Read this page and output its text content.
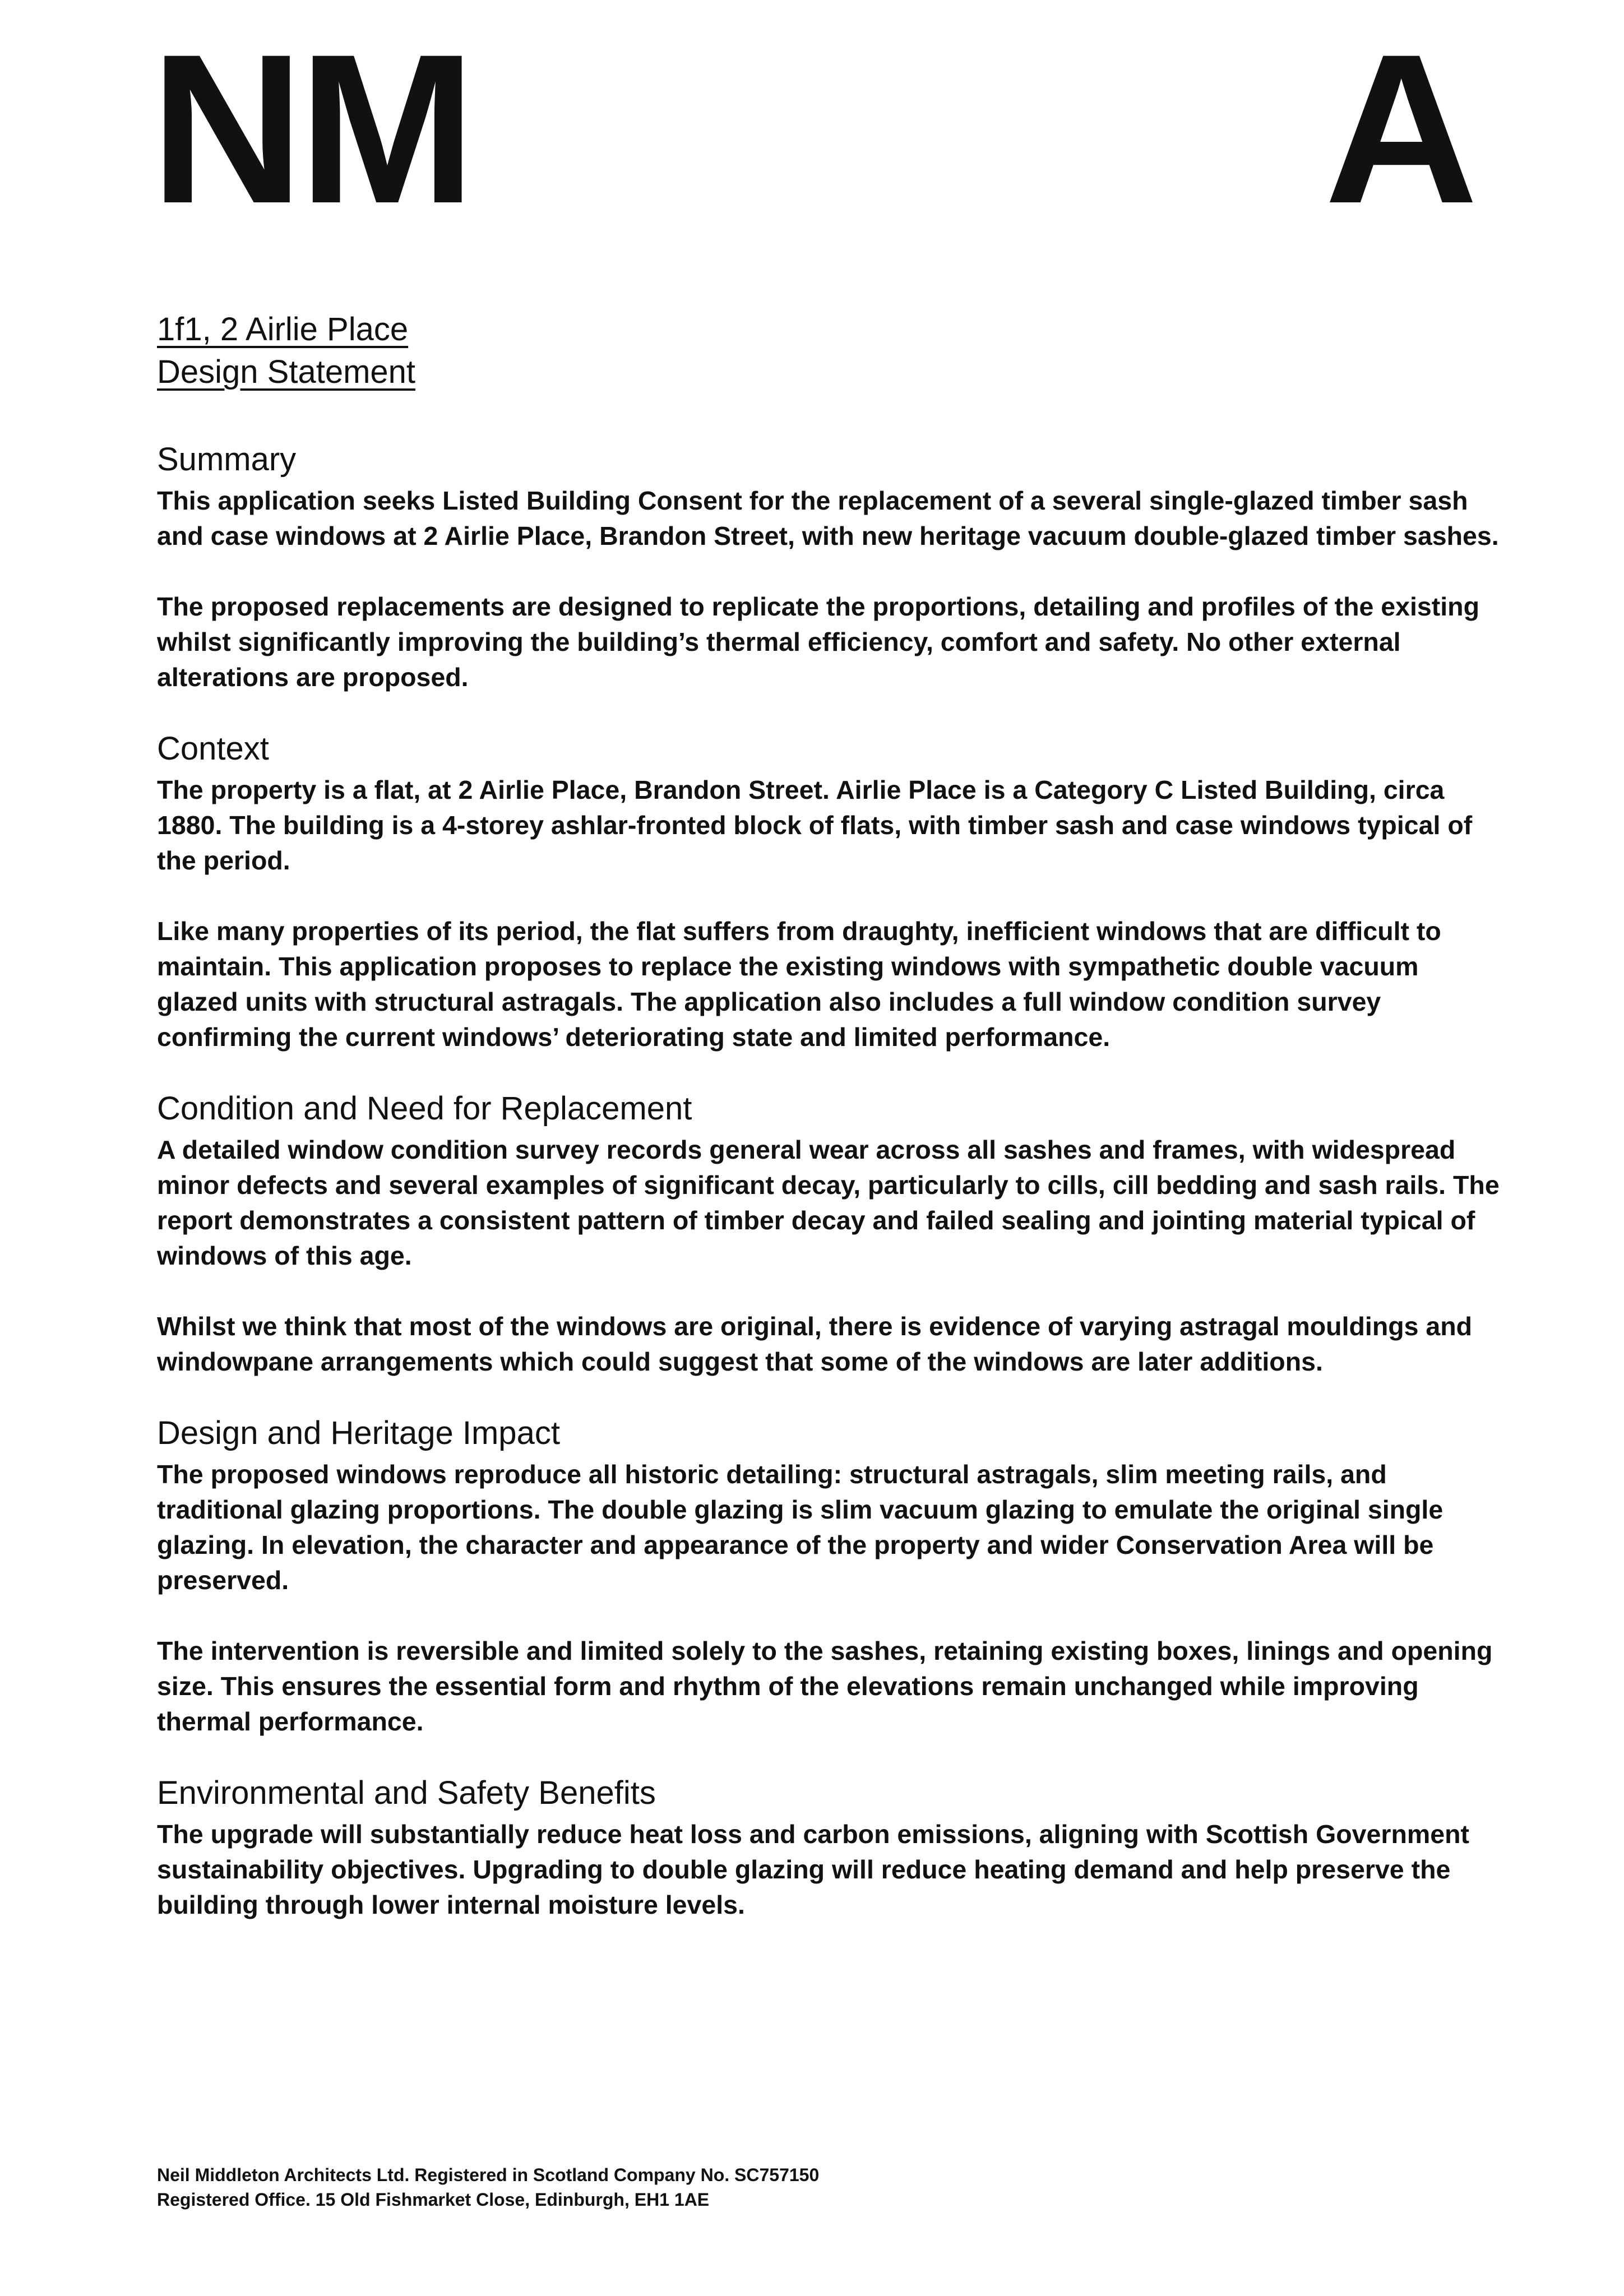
NM	A
1f1, 2 Airlie Place
Design Statement
Summary

This application seeks Listed Building Consent for the replacement of a several single-glazed timber sash and case windows at 2 Airlie Place, Brandon Street, with new heritage vacuum double-glazed timber sashes.

The proposed replacements are designed to replicate the proportions, detailing and profiles of the existing whilst significantly improving the building’s thermal efficiency, comfort and safety. No other external alterations are proposed.

Context

The property is a flat, at 2 Airlie Place, Brandon Street. Airlie Place is a Category C Listed Building, circa 1880. The building is a 4-storey ashlar-fronted block of flats, with timber sash and case windows typical of the period.

Like many properties of its period, the flat suffers from draughty, inefficient windows that are difficult to maintain. This application proposes to replace the existing windows with sympathetic double vacuum glazed units with structural astragals. The application also includes a full window condition survey confirming the current windows’ deteriorating state and limited performance.

Condition and Need for Replacement

A detailed window condition survey records general wear across all sashes and frames, with widespread minor defects and several examples of significant decay, particularly to cills, cill bedding and sash rails. The report demonstrates a consistent pattern of timber decay and failed sealing and jointing material typical of windows of this age.

Whilst we think that most of the windows are original, there is evidence of varying astragal mouldings and windowpane arrangements which could suggest that some of the windows are later additions.

Design and Heritage Impact

The proposed windows reproduce all historic detailing: structural astragals, slim meeting rails, and traditional glazing proportions. The double glazing is slim vacuum glazing to emulate the original single glazing. In elevation, the character and appearance of the property and wider Conservation Area will be preserved.

The intervention is reversible and limited solely to the sashes, retaining existing boxes, linings and opening size. This ensures the essential form and rhythm of the elevations remain unchanged while improving thermal performance.

Environmental and Safety Benefits

The upgrade will substantially reduce heat loss and carbon emissions, aligning with Scottish Government sustainability objectives. Upgrading to double glazing will reduce heating demand and help preserve the building through lower internal moisture levels.

Neil Middleton Architects Ltd. Registered in Scotland Company No. SC757150

Registered Office. 15 Old Fishmarket Close, Edinburgh, EH1 1AE
